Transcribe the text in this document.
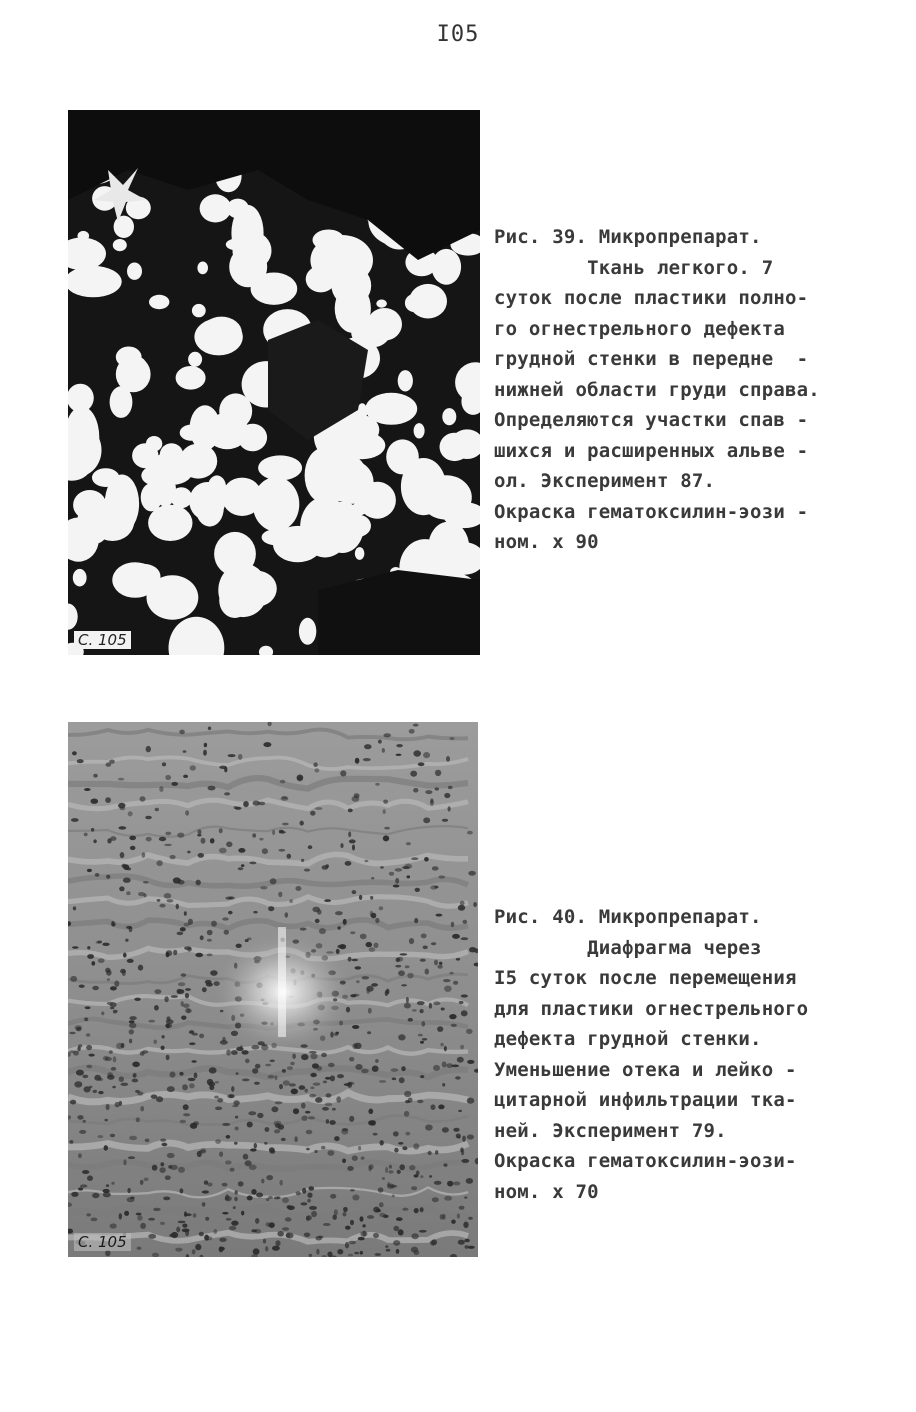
I05
С. 105
Рис. 39. Микропрепарат.
Ткань легкого. 7
суток после пластики полно-
го огнестрельного дефекта
грудной стенки в передне  -
нижней области груди справа.
Определяются участки спав -
шихся и расширенных альве -
ол. Эксперимент 87.
Окраска гематоксилин-эози -
ном. х 90
С. 105
Рис. 40. Микропрепарат.
Диафрагма через
I5 суток после перемещения
для пластики огнестрельного
дефекта грудной стенки.
Уменьшение отека и лейко -
цитарной инфильтрации тка-
ней. Эксперимент 79.
Окраска гематоксилин-эози-
ном. х 70
